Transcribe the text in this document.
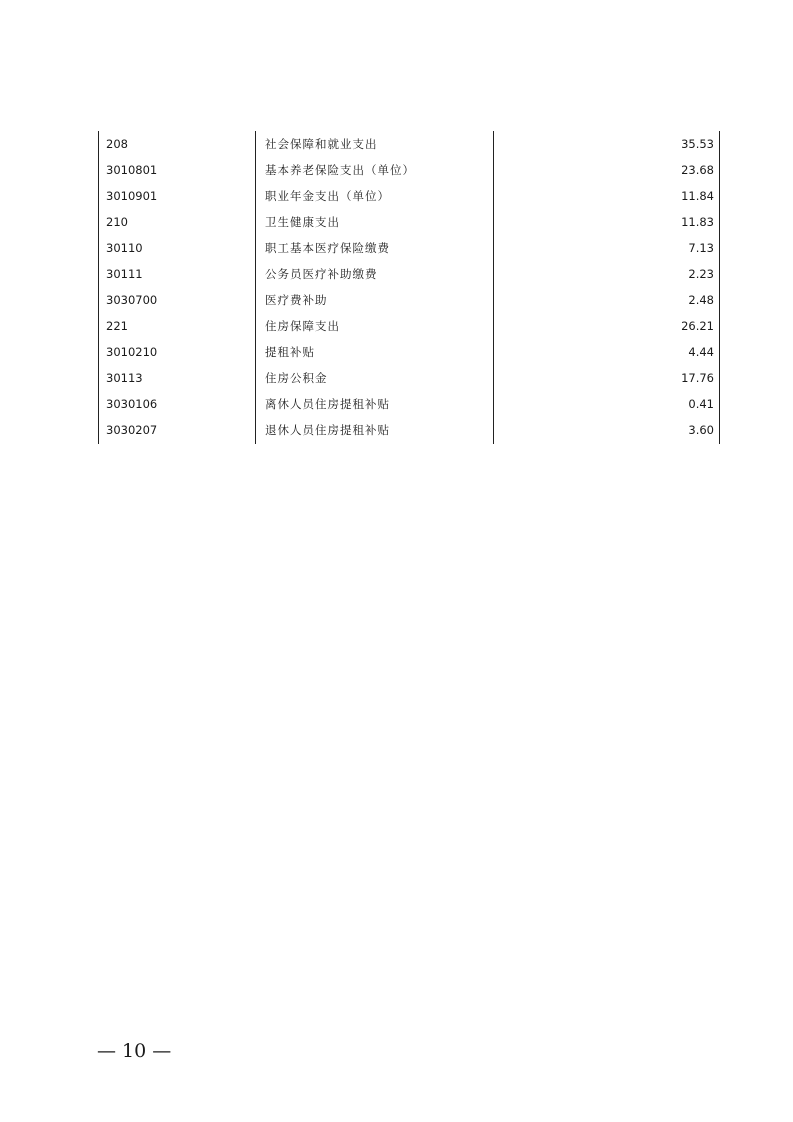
208	社会保障和就业支出	35.53
3010801	基本养老保险支出（单位）	23.68
3010901	职业年金支出（单位）	11.84
210	卫生健康支出	11.83
30110	职工基本医疗保险缴费	7.13
30111	公务员医疗补助缴费	2.23
3030700	医疗费补助	2.48
221	住房保障支出	26.21
3010210	提租补贴	4.44
30113	住房公积金	17.76
3030106	离休人员住房提租补贴	0.41
3030207	退休人员住房提租补贴	3.60
— 10 —
